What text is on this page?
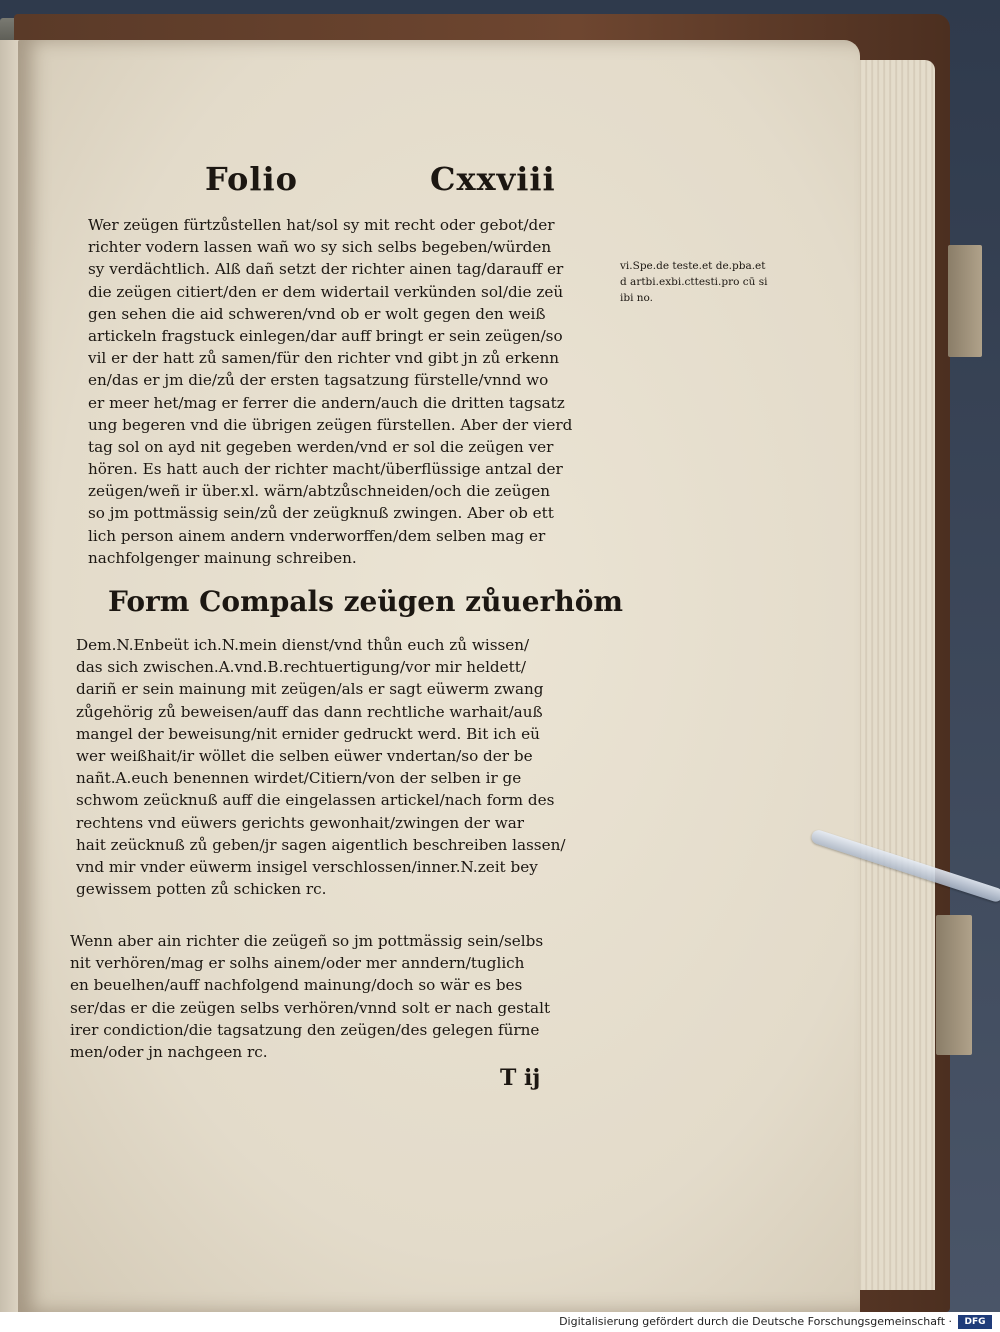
Folio	Cxxviii
Wer zeügen fürtzůstellen hat/sol sy mit recht oder gebot/der
richter vodern lassen wañ wo sy sich selbs begeben/würden
sy verdächtlich. Alß dañ setzt der richter ainen tag/darauff er
die zeügen citiert/den er dem widertail verkünden sol/die zeü
gen sehen die aid schweren/vnd ob er wolt gegen den weiß
artickeln fragstuck einlegen/dar auff bringt er sein zeügen/so
vil er der hatt zů samen/für den richter vnd gibt jn zů erkenn
en/das er jm die/zů der ersten tagsatzung fürstelle/vnnd wo
er meer het/mag er ferrer die andern/auch die dritten tagsatz
ung begeren vnd die übrigen zeügen fürstellen. Aber der vierd
tag sol on ayd nit gegeben werden/vnd er sol die zeügen ver
hören. Es hatt auch der richter macht/überflüssige antzal der
zeügen/weñ ir über.xl. wärn/abtzůschneiden/och die zeügen
so jm pottmässig sein/zů der zeügknuß zwingen. Aber ob ett
lich person ainem andern vnderworffen/dem selben mag er
nachfolgenger mainung schreiben.
vi.Spe.de teste.et de.pba.et
d artbi.exbi.cttesti.pro cū si
ibi no.
Form Compals zeügen zůuerhöm
Dem.N.Enbeüt ich.N.mein dienst/vnd thůn euch zů wissen/
das sich zwischen.A.vnd.B.rechtuertigung/vor mir heldett/
dariñ er sein mainung mit zeügen/als er sagt eüwerm zwang
zůgehörig zů beweisen/auff das dann rechtliche warhait/auß
mangel der beweisung/nit ernider gedruckt werd. Bit ich eü
wer weißhait/ir wöllet die selben eüwer vndertan/so der be
nañt.A.euch benennen wirdet/Citiern/von der selben ir ge
schwom zeücknuß auff die eingelassen artickel/nach form des
rechtens vnd eüwers gerichts gewonhait/zwingen der war
hait zeücknuß zů geben/jr sagen aigentlich beschreiben lassen/
vnd mir vnder eüwerm insigel verschlossen/inner.N.zeit bey
gewissem potten zů schicken rc.
Wenn aber ain richter die zeügeñ so jm pottmässig sein/selbs
nit verhören/mag er solhs ainem/oder mer anndern/tuglich
en beuelhen/auff nachfolgend mainung/doch so wär es bes
ser/das er die zeügen selbs verhören/vnnd solt er nach gestalt
irer condiction/die tagsatzung den zeügen/des gelegen fürne
men/oder jn nachgeen rc.
T ij
Digitalisierung gefördert durch die Deutsche Forschungsgemeinschaft ·	DFG
